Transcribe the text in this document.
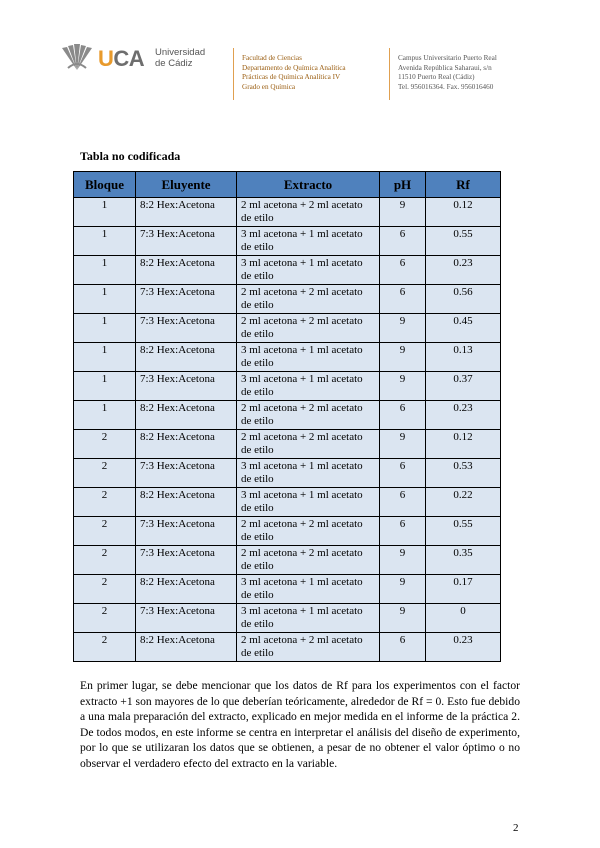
UCA Universidad
de Cádiz	Facultad de Ciencias
Departamento de Química Analítica
Prácticas de Química Analítica IV
Grado en Química
Campus Universitario Puerto Real
Avenida República Saharaui, s/n
11510 Puerto Real (Cádiz)
Tel. 956016364. Fax. 956016460
Tabla no codificada
Bloque	Eluyente	Extracto	pH	Rf
1	8:2 Hex:Acetona	2 ml acetona + 2 ml acetato de etilo	9	0.12
1	7:3 Hex:Acetona	3 ml acetona + 1 ml acetato de etilo	6	0.55
1	8:2 Hex:Acetona	3 ml acetona + 1 ml acetato de etilo	6	0.23
1	7:3 Hex:Acetona	2 ml acetona + 2 ml acetato de etilo	6	0.56
1	7:3 Hex:Acetona	2 ml acetona + 2 ml acetato de etilo	9	0.45
1	8:2 Hex:Acetona	3 ml acetona + 1 ml acetato de etilo	9	0.13
1	7:3 Hex:Acetona	3 ml acetona + 1 ml acetato de etilo	9	0.37
1	8:2 Hex:Acetona	2 ml acetona + 2 ml acetato de etilo	6	0.23
2	8:2 Hex:Acetona	2 ml acetona + 2 ml acetato de etilo	9	0.12
2	7:3 Hex:Acetona	3 ml acetona + 1 ml acetato de etilo	6	0.53
2	8:2 Hex:Acetona	3 ml acetona + 1 ml acetato de etilo	6	0.22
2	7:3 Hex:Acetona	2 ml acetona + 2 ml acetato de etilo	6	0.55
2	7:3 Hex:Acetona	2 ml acetona + 2 ml acetato de etilo	9	0.35
2	8:2 Hex:Acetona	3 ml acetona + 1 ml acetato de etilo	9	0.17
2	7:3 Hex:Acetona	3 ml acetona + 1 ml acetato de etilo	9	0
2	8:2 Hex:Acetona	2 ml acetona + 2 ml acetato de etilo	6	0.23
En primer lugar, se debe mencionar que los datos de Rf para los experimentos con el factor extracto +1 son mayores de lo que deberían teóricamente, alrededor de Rf = 0. Esto fue debido a una mala preparación del extracto, explicado en mejor medida en el informe de la práctica 2. De todos modos, en este informe se centra en interpretar el análisis del diseño de experimento, por lo que se utilizaran los datos que se obtienen, a pesar de no obtener el valor óptimo o no observar el verdadero efecto del extracto en la variable.
2
